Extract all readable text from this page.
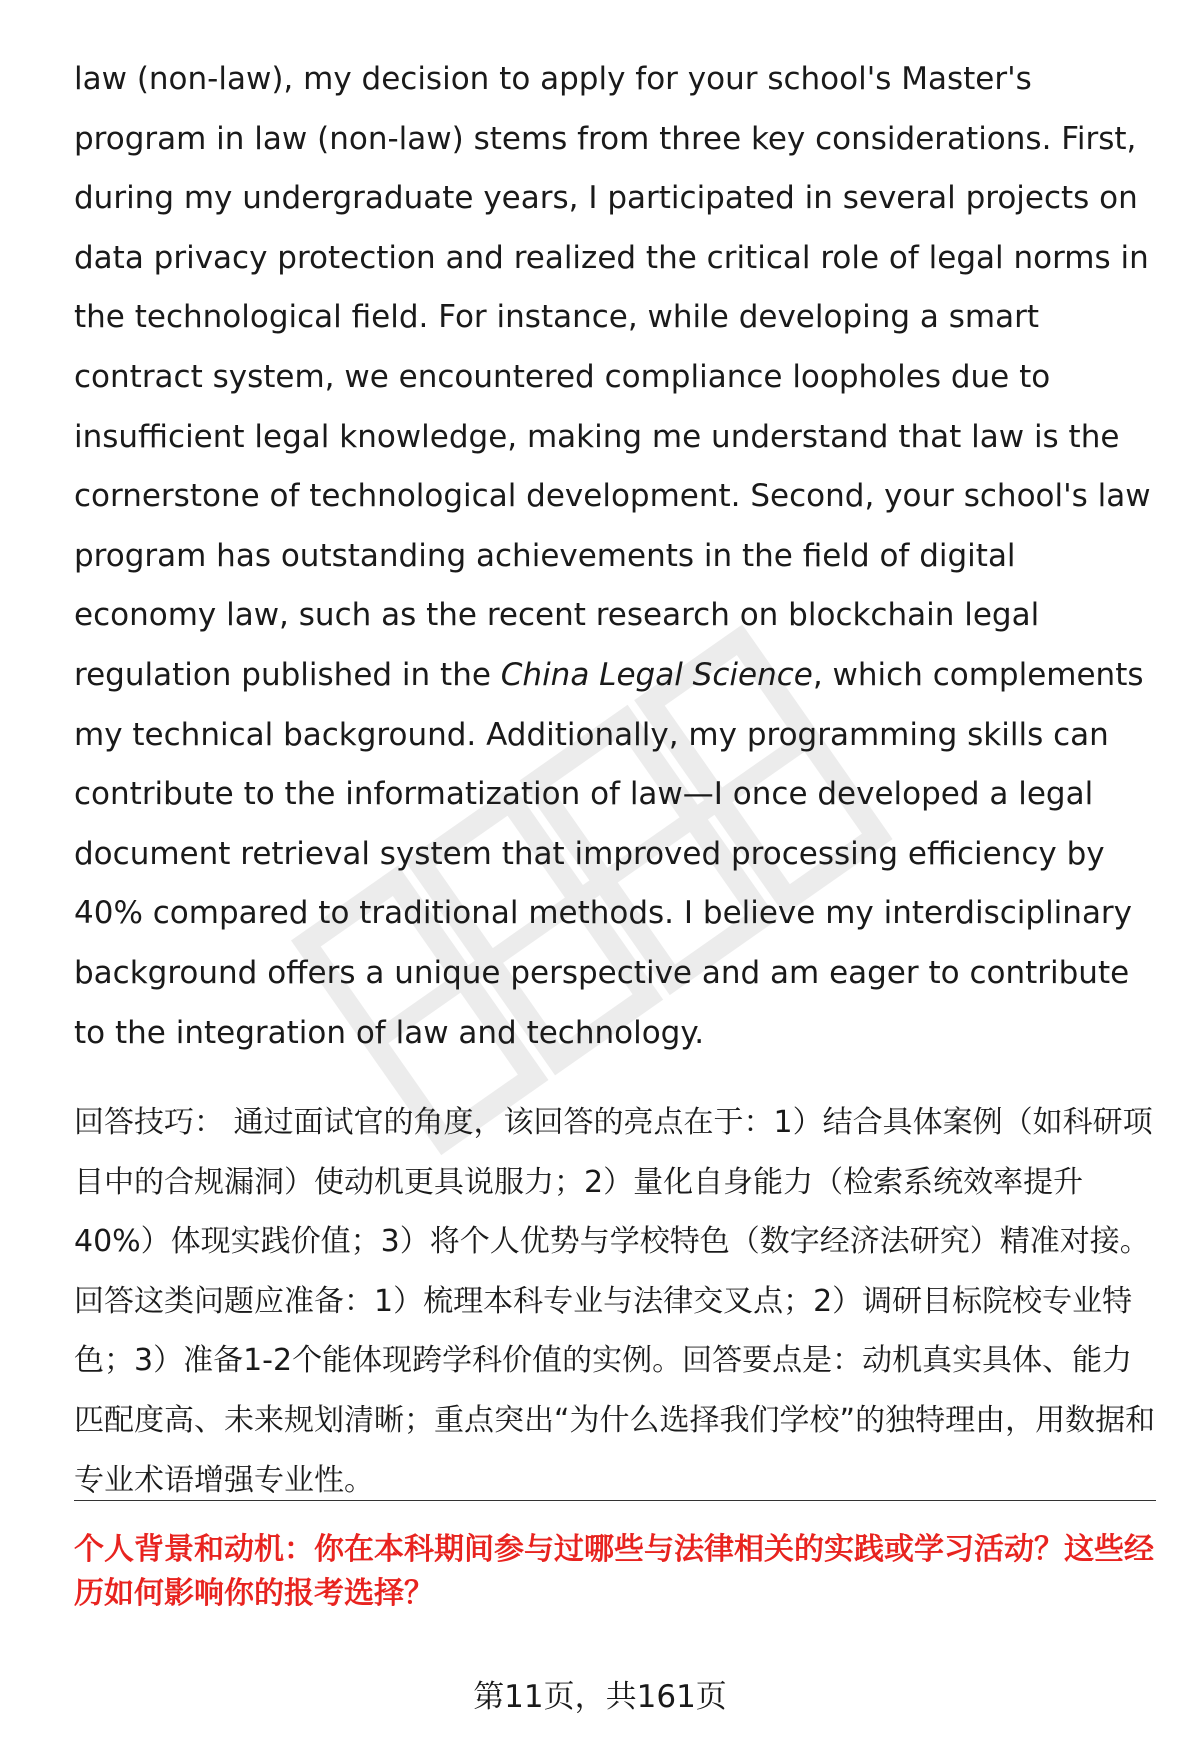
law (non-law), my decision to apply for your school's Master's program in law (non-law) stems from three key considerations. First, during my undergraduate years, I participated in several projects on data privacy protection and realized the critical role of legal norms in the technological field. For instance, while developing a smart contract system, we encountered compliance loopholes due to insufficient legal knowledge, making me understand that law is the cornerstone of technological development. Second, your school's law program has outstanding achievements in the field of digital economy law, such as the recent research on blockchain legal regulation published in the China Legal Science, which complements my technical background. Additionally, my programming skills can contribute to the informatization of law—I once developed a legal document retrieval system that improved processing efficiency by 40% compared to traditional methods. I believe my interdisciplinary background offers a unique perspective and am eager to contribute to the integration of law and technology.

回答技巧： 通过面试官的角度，该回答的亮点在于：1）结合具体案例（如科研项目中的合规漏洞）使动机更具说服力；2）量化自身能力（检索系统效率提升40%）体现实践价值；3）将个人优势与学校特色（数字经济法研究）精准对接。回答这类问题应准备：1）梳理本科专业与法律交叉点；2）调研目标院校专业特色；3）准备1-2个能体现跨学科价值的实例。回答要点是：动机真实具体、能力匹配度高、未来规划清晰；重点突出“为什么选择我们学校”的独特理由，用数据和专业术语增强专业性。

个人背景和动机：你在本科期间参与过哪些与法律相关的实践或学习活动？这些经历如何影响你的报考选择？

第11页，共161页
